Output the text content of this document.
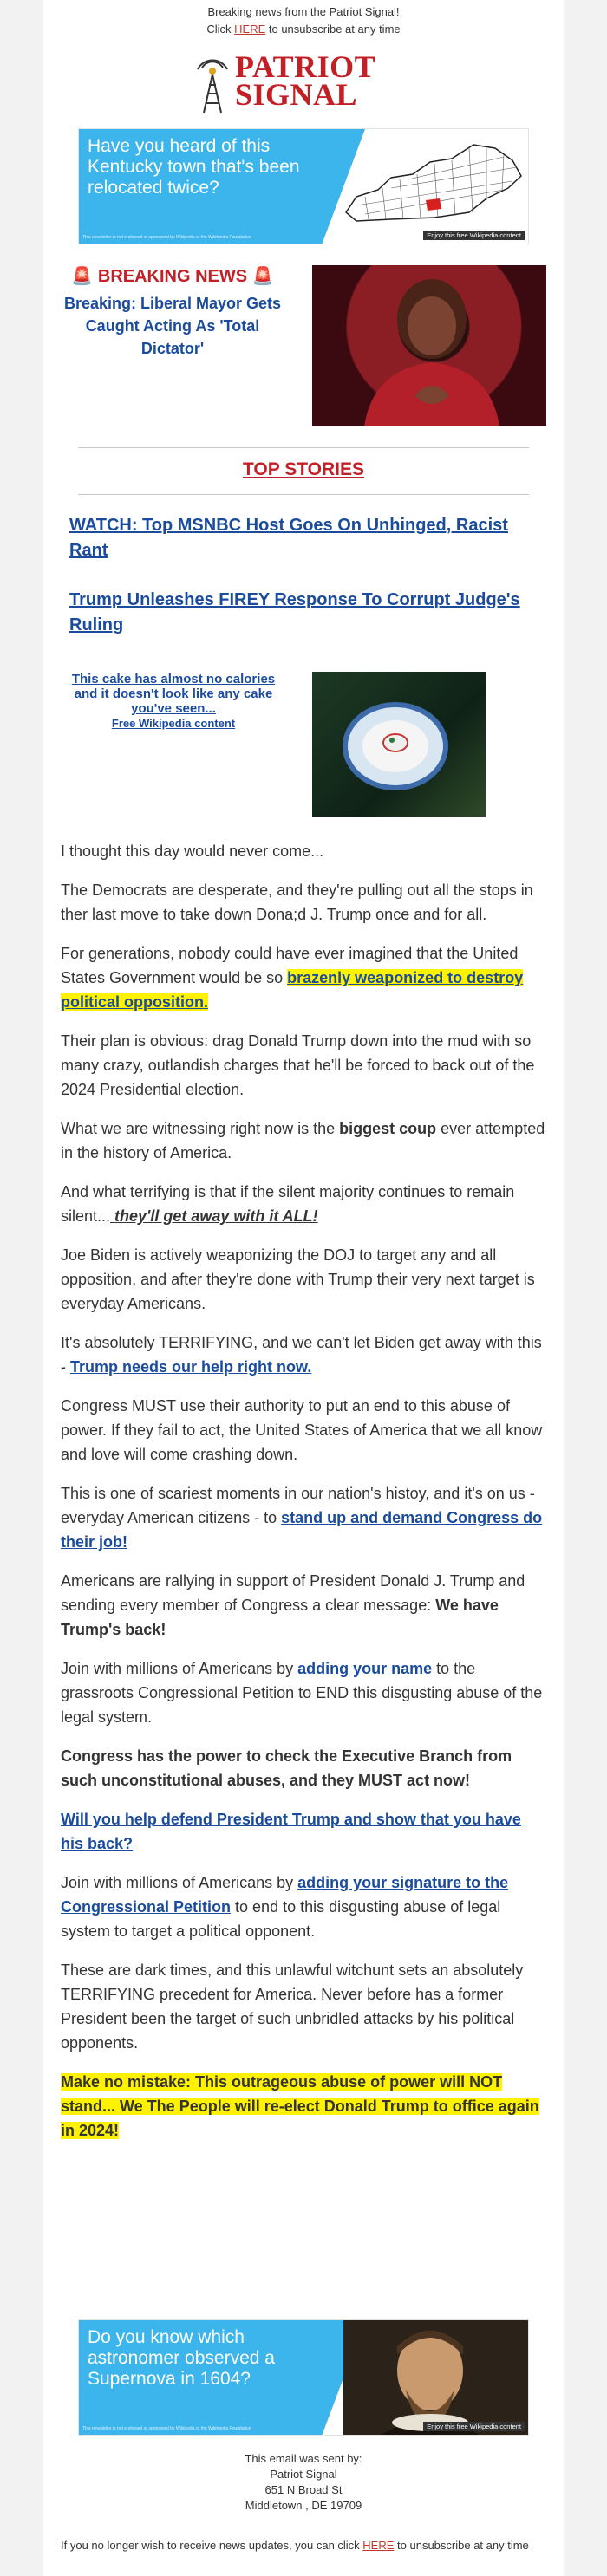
Breaking news from the Patriot Signal!
Click HERE to unsubscribe at any time
PATRIOT
SIGNAL
Have you heard of this Kentucky town that's been relocated twice?
This newsletter is not endorsed or sponsored by Wikipedia or the Wikimedia Foundation	Enjoy this free Wikipedia content
🚨 BREAKING NEWS 🚨
Breaking: Liberal Mayor Gets Caught Acting As 'Total Dictator'
TOP STORIES
WATCH: Top MSNBC Host Goes On Unhinged, Racist Rant
Trump Unleashes FIREY Response To Corrupt Judge's Ruling
This cake has almost no calories and it doesn't look like any cake you've seen...
Free Wikipedia content

I thought this day would never come...

The Democrats are desperate, and they're pulling out all the stops in ther last move to take down Dona;d J. Trump once and for all.

For generations, nobody could have ever imagined that the United States Government would be so brazenly weaponized to destroy political opposition.

Their plan is obvious: drag Donald Trump down into the mud with so many crazy, outlandish charges that he'll be forced to back out of the 2024 Presidential election.

What we are witnessing right now is the biggest coup ever attempted in the history of America.

And what terrifying is that if the silent majority continues to remain silent... they'll get away with it ALL!

Joe Biden is actively weaponizing the DOJ to target any and all opposition, and after they're done with Trump their very next target is everyday Americans.

It's absolutely TERRIFYING, and we can't let Biden get away with this - Trump needs our help right now.

Congress MUST use their authority to put an end to this abuse of power. If they fail to act, the United States of America that we all know and love will come crashing down.

This is one of scariest moments in our nation's histoy, and it's on us - everyday American citizens - to stand up and demand Congress do their job!

Americans are rallying in support of President Donald J. Trump and sending every member of Congress a clear message: We have Trump's back!

Join with millions of Americans by adding your name to the grassroots Congressional Petition to END this disgusting abuse of the legal system.

Congress has the power to check the Executive Branch from such unconstitutional abuses, and they MUST act now!

Will you help defend President Trump and show that you have his back?

Join with millions of Americans by adding your signature to the Congressional Petition to end to this disgusting abuse of legal system to target a political opponent.

These are dark times, and this unlawful witchunt sets an absolutely TERRIFYING precedent for America. Never before has a former President been the target of such unbridled attacks by his political opponents.

Make no mistake: This outrageous abuse of power will NOT stand... We The People will re-elect Donald Trump to office again in 2024!

Do you know which astronomer observed a Supernova in 1604?
This newsletter is not endorsed or sponsored by Wikipedia or the Wikimedia Foundation	Enjoy this free Wikipedia content
This email was sent by:
Patriot Signal
651 N Broad St
Middletown , DE 19709
If you no longer wish to receive news updates, you can click HERE to unsubscribe at any time
